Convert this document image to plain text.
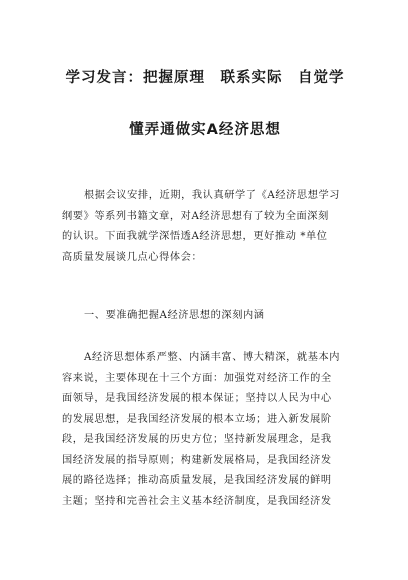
学习发言：把握原理　联系实际　自觉学
懂弄通做实A经济思想
根据会议安排，近期，我认真研学了《A经济思想学习
纲要》等系列书籍文章，对A经济思想有了较为全面深刻
的认识。下面我就学深悟透A经济思想，更好推动 *单位
高质量发展谈几点心得体会：

一、要准确把握A经济思想的深刻内涵

A经济思想体系严整、内涵丰富、博大精深，就基本内
容来说，主要体现在十三个方面：加强党对经济工作的全
面领导，是我国经济发展的根本保证；坚持以人民为中心
的发展思想，是我国经济发展的根本立场；进入新发展阶
段，是我国经济发展的历史方位；坚持新发展理念，是我
国经济发展的指导原则；构建新发展格局，是我国经济发
展的路径选择；推动高质量发展，是我国经济发展的鲜明
主题；坚持和完善社会主义基本经济制度，是我国经济发
